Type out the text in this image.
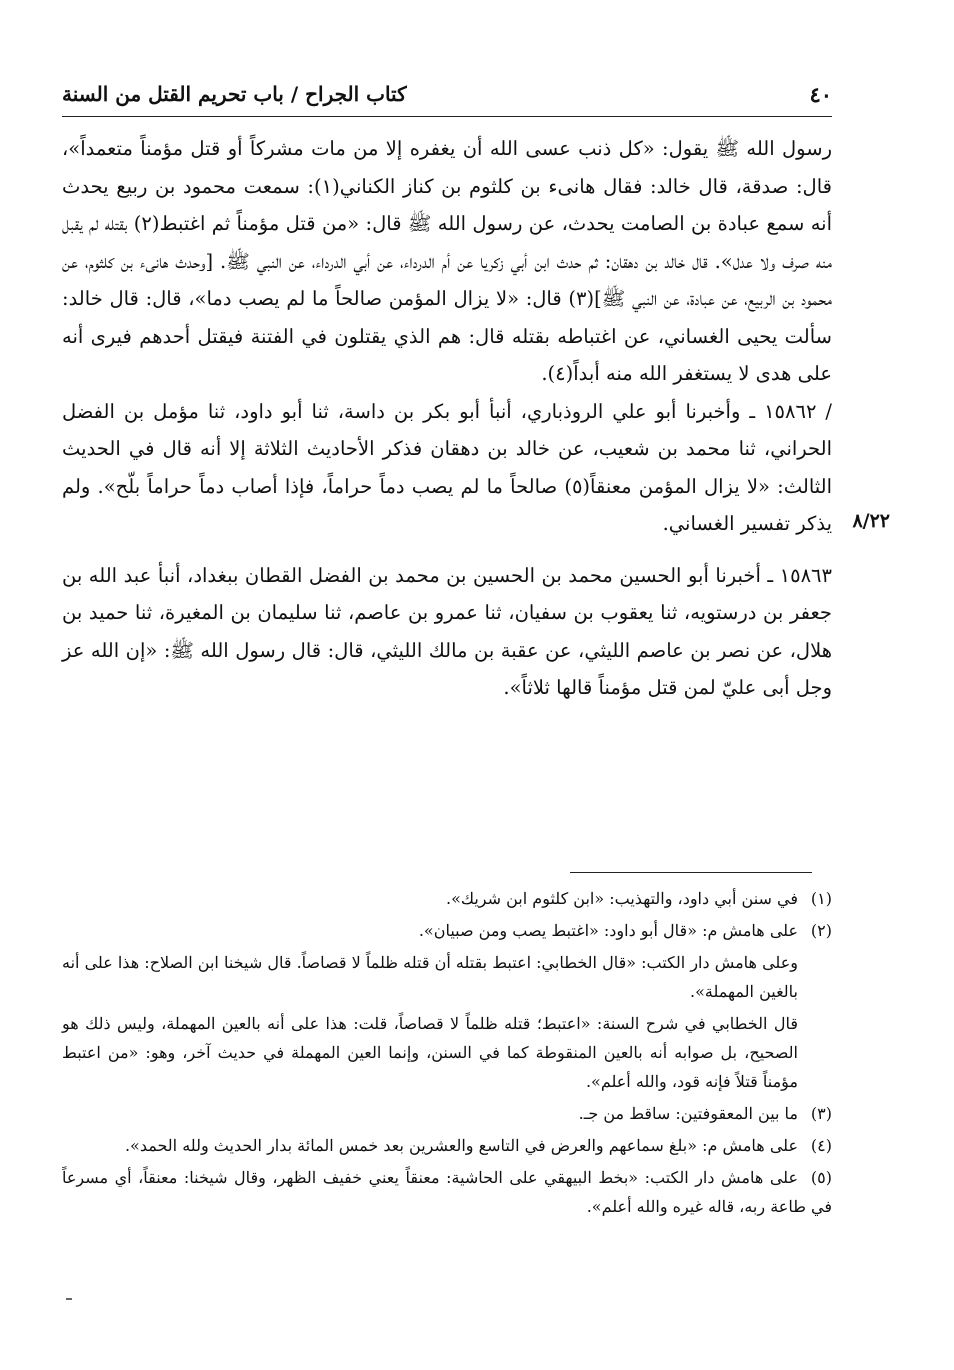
٤٠
كتاب الجراح / باب تحريم القتل من السنة
٨/٢٢

رسول الله ﷺ يقول: «كل ذنب عسى الله أن يغفره إلا من مات مشركاً أو قتل مؤمناً متعمداً»، قال: صدقة، قال خالد: فقال هانىء بن كلثوم بن كناز الكناني(١): سمعت محمود بن ربيع يحدث أنه سمع عبادة بن الصامت يحدث، عن رسول الله ﷺ قال: «من قتل مؤمناً ثم اغتبط(٢) بقتله لم يقبل منه صرف ولا عدل». قال خالد بن دهقان: ثم حدث ابن أبي زكريا عن أم الدرداء، عن أبي الدرداء، عن النبي ﷺ. [وحدث هانىء بن كلثوم، عن محمود بن الربيع، عن عبادة، عن النبي ﷺ](٣) قال: «لا يزال المؤمن صالحاً ما لم يصب دما»، قال: قال خالد: سألت يحيى الغساني، عن اغتباطه بقتله قال: هم الذي يقتلون في الفتنة فيقتل أحدهم فيرى أنه على هدى لا يستغفر الله منه أبداً(٤).

/ ١٥٨٦٢ ـ وأخبرنا أبو علي الروذباري، أنبأ أبو بكر بن داسة، ثنا أبو داود، ثنا مؤمل بن الفضل الحراني، ثنا محمد بن شعيب، عن خالد بن دهقان فذكر الأحاديث الثلاثة إلا أنه قال في الحديث الثالث: «لا يزال المؤمن معنقاً(٥) صالحاً ما لم يصب دماً حراماً، فإذا أصاب دماً حراماً بلّح». ولم يذكر تفسير الغساني.

١٥٨٦٣ ـ أخبرنا أبو الحسين محمد بن الحسين بن محمد بن الفضل القطان ببغداد، أنبأ عبد الله بن جعفر بن درستويه، ثنا يعقوب بن سفيان، ثنا عمرو بن عاصم، ثنا سليمان بن المغيرة، ثنا حميد بن هلال، عن نصر بن عاصم الليثي، عن عقبة بن مالك الليثي، قال: قال رسول الله ﷺ: «إن الله عز وجل أبى عليّ لمن قتل مؤمناً قالها ثلاثاً».

(١)في سنن أبي داود، والتهذيب: «ابن كلثوم ابن شريك».

(٢)على هامش م: «قال أبو داود: «اغتبط يصب ومن صبيان».

وعلى هامش دار الكتب: «قال الخطابي: اعتبط بقتله أن قتله ظلماً لا قصاصاً. قال شيخنا ابن الصلاح: هذا على أنه بالغين المهملة».

قال الخطابي في شرح السنة: «اعتبط؛ قتله ظلماً لا قصاصاً، قلت: هذا على أنه بالعين المهملة، وليس ذلك هو الصحيح، بل صوابه أنه بالعين المنقوطة كما في السنن، وإنما العين المهملة في حديث آخر، وهو: «من اعتبط مؤمناً قتلاً فإنه قود، والله أعلم».

(٣)ما بين المعقوفتين: ساقط من جـ.

(٤)على هامش م: «بلغ سماعهم والعرض في التاسع والعشرين بعد خمس المائة بدار الحديث ولله الحمد».

(٥)على هامش دار الكتب: «بخط البيهقي على الحاشية: معنقاً يعني خفيف الظهر، وقال شيخنا: معنقاً، أي مسرعاً في طاعة ربه، قاله غيره والله أعلم».
